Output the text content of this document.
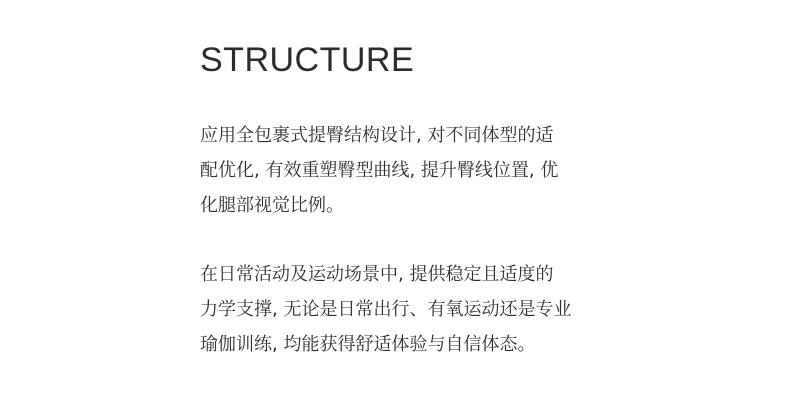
STRUCTURE

应用全包裹式提臀结构设计, 对不同体型的适
配优化, 有效重塑臀型曲线, 提升臀线位置, 优
化腿部视觉比例。

在日常活动及运动场景中, 提供稳定且适度的
力学支撑, 无论是日常出行、有氧运动还是专业
瑜伽训练, 均能获得舒适体验与自信体态。
